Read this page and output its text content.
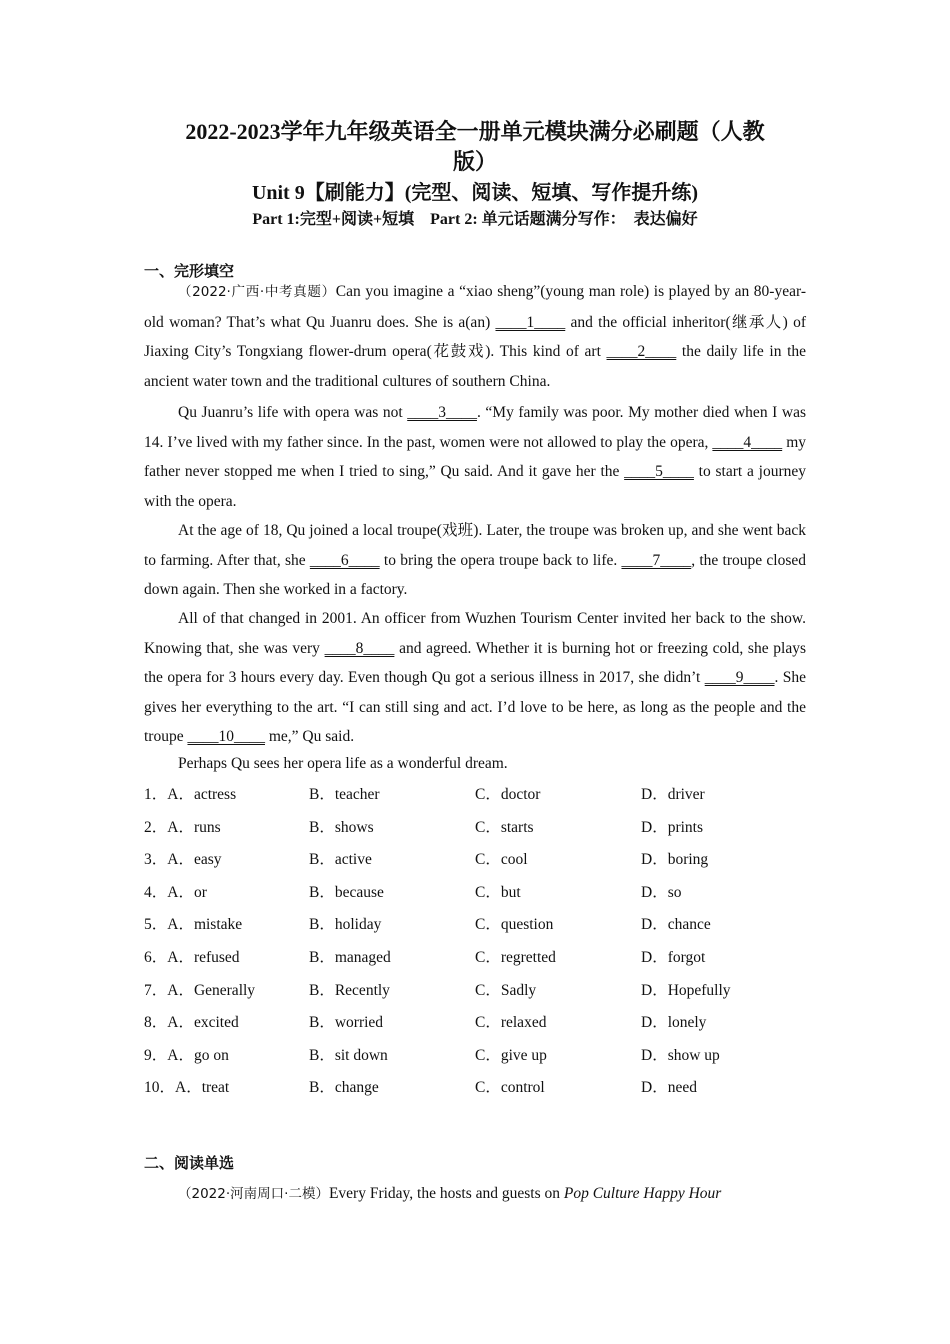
2022-2023学年九年级英语全一册单元模块满分必刷题（人教
版）
Unit 9【刷能力】(完型、阅读、短填、写作提升练)
Part 1:完型+阅读+短填　Part 2: 单元话题满分写作：　表达偏好
一、完形填空
（2022·广西·中考真题）Can you imagine a “xiao sheng”(young man role) is played by an 80-year-old woman? That’s what Qu Juanru does. She is a(an) ____1____ and the official inheritor(继承人) of Jiaxing City’s Tongxiang flower-drum opera(花鼓戏). This kind of art ____2____ the daily life in the ancient water town and the traditional cultures of southern China.
Qu Juanru’s life with opera was not ____3____. “My family was poor. My mother died when I was 14. I’ve lived with my father since. In the past, women were not allowed to play the opera, ____4____ my father never stopped me when I tried to sing,” Qu said. And it gave her the ____5____ to start a journey with the opera.
At the age of 18, Qu joined a local troupe(戏班). Later, the troupe was broken up, and she went back to farming. After that, she ____6____ to bring the opera troupe back to life. ____7____, the troupe closed down again. Then she worked in a factory.
All of that changed in 2001. An officer from Wuzhen Tourism Center invited her back to the show. Knowing that, she was very ____8____ and agreed. Whether it is burning hot or freezing cold, she plays the opera for 3 hours every day. Even though Qu got a serious illness in 2017, she didn’t ____9____. She gives her everything to the art. “I can still sing and act. I’d love to be here, as long as the people and the troupe ____10____ me,” Qu said.
Perhaps Qu sees her opera life as a wonderful dream.
1．A．actress	B．teacher	C．doctor	D．driver
2．A．runs	B．shows	C．starts	D．prints
3．A．easy	B．active	C．cool	D．boring
4．A．or	B．because	C．but	D．so
5．A．mistake	B．holiday	C．question	D．chance
6．A．refused	B．managed	C．regretted	D．forgot
7．A．Generally	B．Recently	C．Sadly	D．Hopefully
8．A．excited	B．worried	C．relaxed	D．lonely
9．A．go on	B．sit down	C．give up	D．show up
10．A．treat	B．change	C．control	D．need
二、阅读单选
（2022·河南周口·二模）Every Friday, the hosts and guests on Pop Culture Happy Hour
